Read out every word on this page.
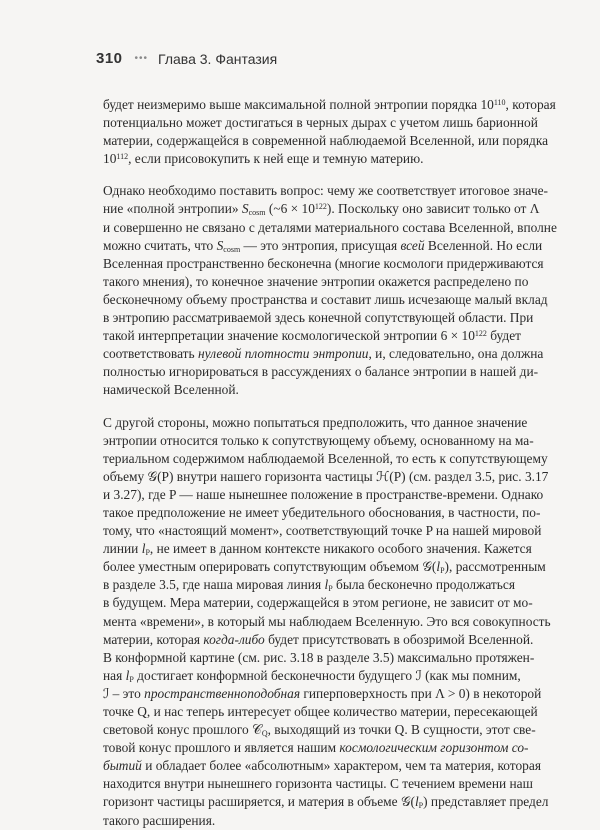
310 ••• Глава 3. Фантазия

будет неизмеримо выше максимальной полной энтропии порядка $10^{110}$, которая
потенциально может достигаться в черных дырах с учетом лишь барионной
материи, содержащейся в современной наблюдаемой Вселенной, или порядка
$10^{112}$, если присовокупить к ней еще и темную материю.

Однако необходимо поставить вопрос: чему же соответствует итоговое значе-
ние «полной энтропии» $S_{cosm}$ (~6 × $10^{122}$). Поскольку оно зависит только от Λ
и совершенно не связано с деталями материального состава Вселенной, вполне
можно считать, что $S_{cosm}$ — это энтропия, присущая всей Вселенной. Но если
Вселенная пространственно бесконечна (многие космологи придерживаются
такого мнения), то конечное значение энтропии окажется распределено по
бесконечному объему пространства и составит лишь исчезающе малый вклад
в энтропию рассматриваемой здесь конечной сопутствующей области. При
такой интерпретации значение космологической энтропии $6 \times 10^{122}$ будет
соответствовать нулевой плотности энтропии, и, следовательно, она должна
полностью игнорироваться в рассуждениях о балансе энтропии в нашей ди-
намической Вселенной.

С другой стороны, можно попытаться предположить, что данное значение
энтропии относится только к сопутствующему объему, основанному на ма-
териальном содержимом наблюдаемой Вселенной, то есть к сопутствующему
объему 𝒢(P) внутри нашего горизонта частицы ℋ(P) (см. раздел 3.5, рис. 3.17
и 3.27), где P — наше нынешнее положение в пространстве-времени. Однако
такое предположение не имеет убедительного обоснования, в частности, по-
тому, что «настоящий момент», соответствующий точке P на нашей мировой
линии $l_P$, не имеет в данном контексте никакого особого значения. Кажется
более уместным оперировать сопутствующим объемом $𝒢(l_P)$, рассмотренным
в разделе 3.5, где наша мировая линия $l_P$ была бесконечно продолжаться
в будущем. Мера материи, содержащейся в этом регионе, не зависит от мо-
мента «времени», в который мы наблюдаем Вселенную. Это вся совокупность
материи, которая когда-либо будет присутствовать в обозримой Вселенной.
В конформной картине (см. рис. 3.18 в разделе 3.5) максимально протяжен-
ная $l_P$ достигает конформной бесконечности будущего ℐ (как мы помним,
ℐ – это пространственноподобная гиперповерхность при Λ > 0) в некоторой
точке Q, и нас теперь интересует общее количество материи, пересекающей
световой конус прошлого 𝒞$_Q$, выходящий из точки Q. В сущности, этот све-
товой конус прошлого и является нашим космологическим горизонтом со-
бытий и обладает более «абсолютным» характером, чем та материя, которая
находится внутри нынешнего горизонта частицы. С течением времени наш
горизонт частицы расширяется, и материя в объеме $𝒢(l_P)$ представляет предел
такого расширения.
